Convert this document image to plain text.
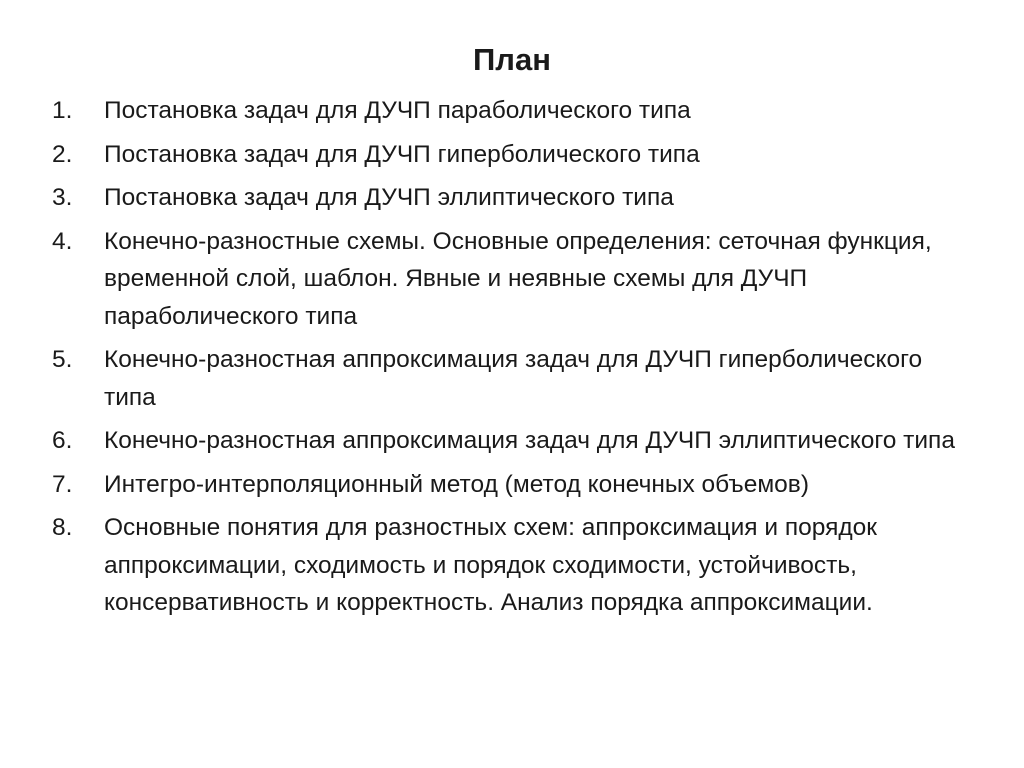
План
1.	Постановка задач для ДУЧП параболического типа
2.	Постановка задач для ДУЧП гиперболического типа
3.	Постановка задач для ДУЧП эллиптического типа
4.	Конечно-разностные схемы. Основные определения: сеточная функция, временной слой, шаблон. Явные и неявные схемы для ДУЧП параболического типа
5.	Конечно-разностная аппроксимация задач для ДУЧП гиперболического типа
6.	Конечно-разностная аппроксимация задач для ДУЧП эллиптического типа
7.	Интегро-интерполяционный метод (метод конечных объемов)
8.	Основные понятия для разностных схем: аппроксимация и порядок аппроксимации, сходимость и порядок сходимости, устойчивость, консервативность и корректность. Анализ порядка аппроксимации.
